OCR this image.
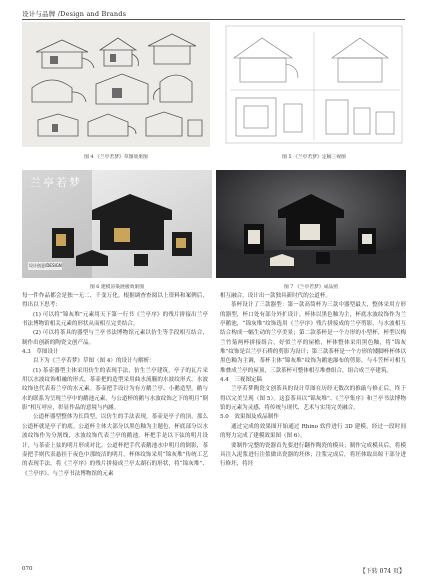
设计与品牌 /Design and Brands
图 4 《兰亭若梦》草图效果图	图 5 《兰亭若梦》定稿三视图
兰亭若梦
设计创意/DESIGN
图 6 建模渲染展板效果图	图 7 《兰亭若梦》成品照

每一件作品都会是独一无二、千变万化。根据调查查阅以上资料和案例后，得出以下思考：

(1) 可以将“锦灰堆”元素用天下第一行书《兰亭序》的残片拼接出兰亭书法博物馆相关元素的形状从而相互完美结合。

(2) 可以将茶具的器型与兰亭书法博物馆元素以仿生等手段相互结合，制作出创新的陶瓷文创产品。

4.3　草图设计

以下为《兰亭若梦》草图（图 4）的设计与解析：

(1) 茶壶器型主体采用仿生的表现手法，仿生兰亭建筑，亭子的瓦片采用以水波纹饰相融的形式，茶壶把的造型采用曲水流觞的水波纹形式，水波纹饰也代表着兰亭的水元素。茶壶把手设计为有方鹅兰亭、小鹅造型，鹅与水的联系为呈现兰亭中的鹅池元素，与公道杯的鹅与水波纹饰之下的明月“倒影”相互呼应，彰显作品的意境与内涵。

公道杯器型整体为长筒型，以仿生的手法表现，茶壶是亭子的顶，那么公道杯就是亭子的底。公道杯主体大部分以黑色釉为主题色，杯底部分以水波纹饰作为分割线，水波纹饰代表兰亭的鹅池。杯把手是以下弦的明月设计，与茶壶上弦的明月形成对比，公道杯把手代表鹅池水中明月的倒影，茶壶把手则代表悬挂于夜色中那皎洁的明月。杯体纹饰采用“锦灰堆”传统工艺的表现手法，将《兰亭序》的残片拼接成兰亭太湖石的形状，将“锦灰堆”、《兰亭序》、与兰亭书法博物馆的元素

相互融合，设计出一款独具新时代的公道杯。

茶杯设计了三款器型：第一款高筒杯为三款中器型最大，整体采用方形的器型，杯口处有部分外扩设计，杯体以黑色釉为主，杯底水波纹饰作为兰亭鹅池，“锦灰堆”纹饰选用《兰亭序》残片拼接成的兰亭剪影，与水波相互结合构成一幅生动的兰亭美景；第二款茶杯是一个方形的小型杯，杯型以梅兰竹菊两杯拼接组合，好似兰亭的屋檐，杯体整体采用黑色釉，将“锦灰堆”纹饰是以兰亭石桥的剪影为设计；第三款茶杯是一个方形的矮脚杯杯体以黑色釉为主调，茶杯主体“锦灰堆”纹饰为鹅池瀑布的剪影，与斗笠杯可相互堆叠成兰亭的屋顶，三款茶杯可整体相互堆叠组合，组合成兰亭建筑。

4.4　三视图定稿

兰亭若梦陶瓷文创茶具的设计草图在历经无数次的推敲与修正后，终于得以完美呈现（图 5）。这套茶具以“锦灰堆”、《兰亭集序》和兰亭书法博物馆的元素为灵感，将传统与现代、艺术与实用完美融合。

5.0　效果图及成品制作

通过完成的效果图开始通过 Rhino 软件进行 3D 建模，经过一段时间的努力完成了建模效果图（图 6）。

要制作完整的瓷器首先要进行翻作陶瓷的模具；制作完成模具后，将模具注入泥浆进行注浆做出瓷器的坯体；注浆完成后，将坯体取出晾干部分进行修坯，将坯

070	【下转 074 页】
